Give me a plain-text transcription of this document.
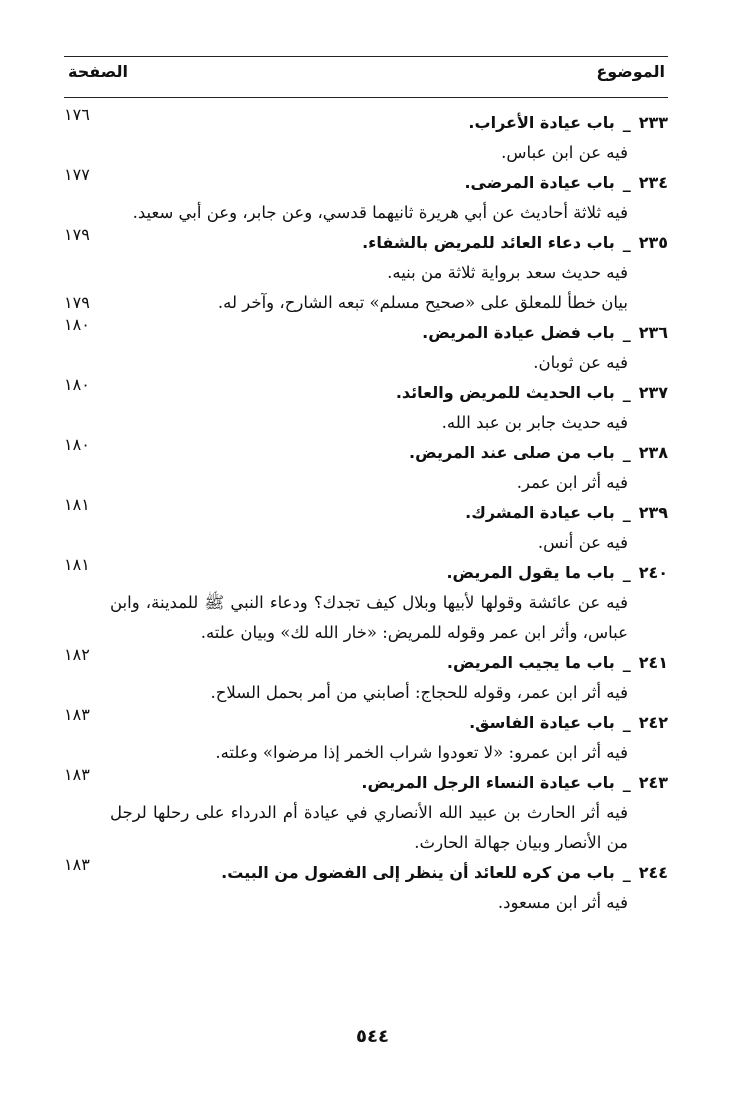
الموضوع
الصفحة
٢٣٣_باب عيادة الأعراب.
١٧٦
فيه عن ابن عباس.
٢٣٤_باب عيادة المرضى.
١٧٧
فيه ثلاثة أحاديث عن أبي هريرة ثانيهما قدسي، وعن جابر، وعن أبي سعيد.
٢٣٥_باب دعاء العائد للمريض بالشفاء.
١٧٩
فيه حديث سعد برواية ثلاثة من بنيه.
بيان خطأ للمعلق على «صحيح مسلم» تبعه الشارح، وآخر له.
١٧٩
٢٣٦_باب فضل عيادة المريض.
١٨٠
فيه عن ثوبان.
٢٣٧_باب الحديث للمريض والعائد.
١٨٠
فيه حديث جابر بن عبد الله.
٢٣٨_باب من صلى عند المريض.
١٨٠
فيه أثر ابن عمر.
٢٣٩_باب عيادة المشرك.
١٨١
فيه عن أنس.
٢٤٠_باب ما يقول المريض.
١٨١
فيه عن عائشة وقولها لأبيها وبلال كيف تجدك؟ ودعاء النبي ﷺ للمدينة، وابن عباس، وأثر ابن عمر وقوله للمريض: «خار الله لك» وبيان علته.
٢٤١_باب ما يجيب المريض.
١٨٢
فيه أثر ابن عمر، وقوله للحجاج: أصابني من أمر بحمل السلاح.
٢٤٢_باب عيادة الفاسق.
١٨٣
فيه أثر ابن عمرو: «لا تعودوا شراب الخمر إذا مرضوا» وعلته.
٢٤٣_باب عيادة النساء الرجل المريض.
١٨٣
فيه أثر الحارث بن عبيد الله الأنصاري في عيادة أم الدرداء على رحلها لرجل من الأنصار وبيان جهالة الحارث.
٢٤٤_باب من كره للعائد أن ينظر إلى الفضول من البيت.
١٨٣
فيه أثر ابن مسعود.
٥٤٤
